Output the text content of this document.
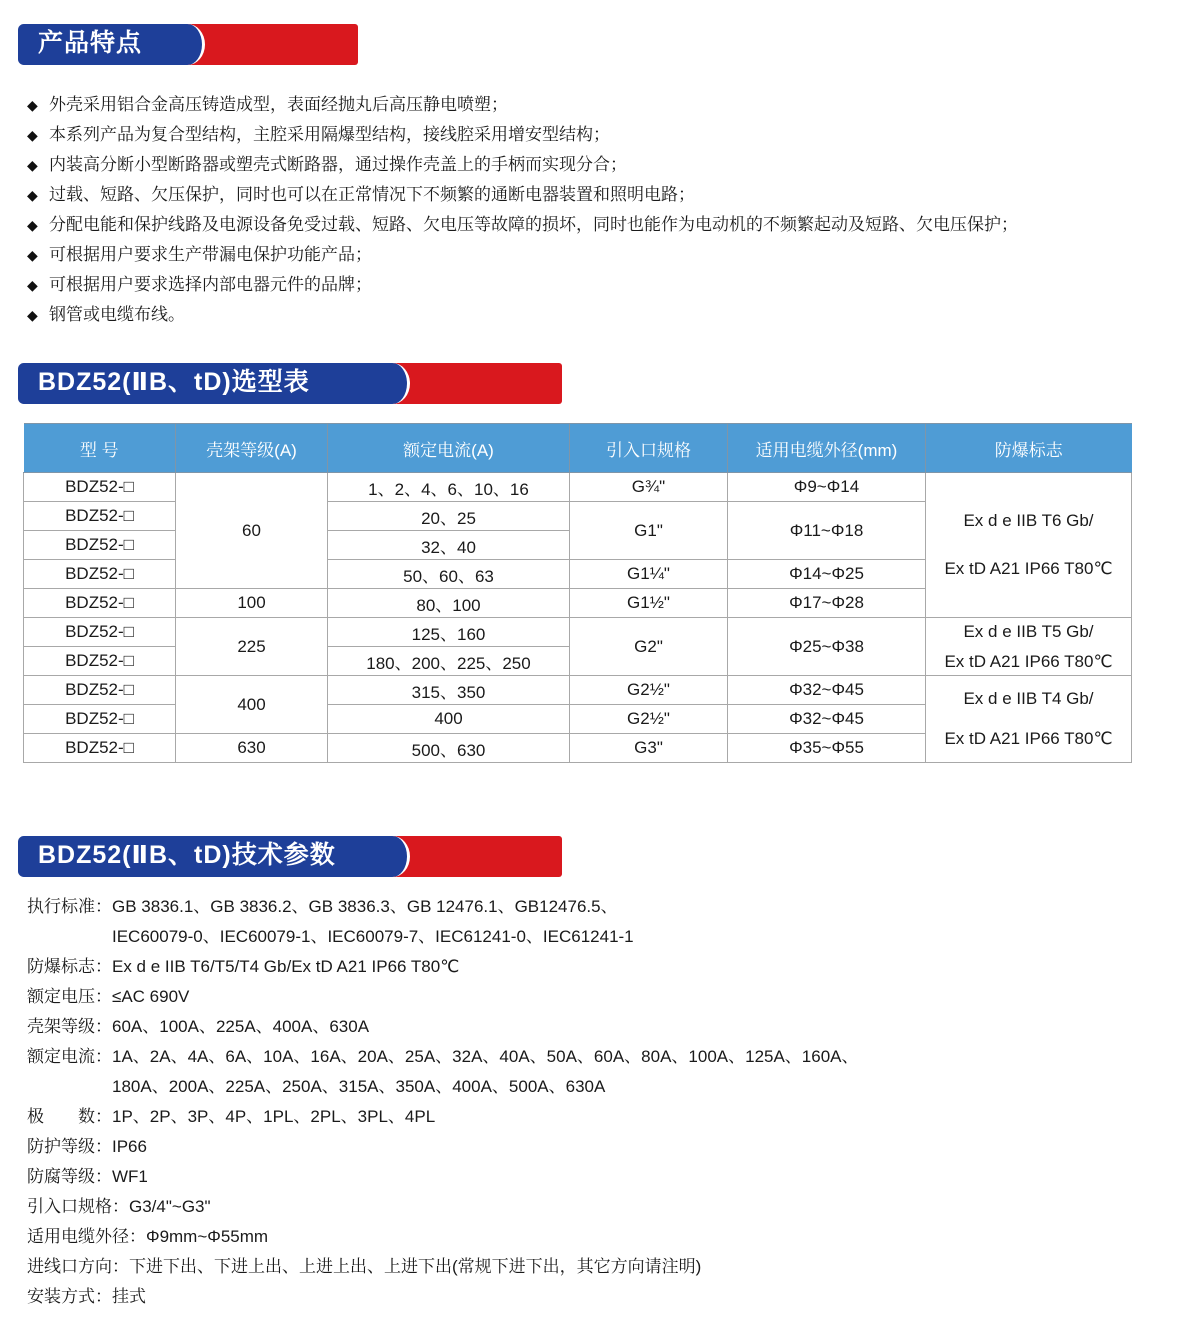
产品特点
◆ 外壳采用铝合金高压铸造成型，表面经抛丸后高压静电喷塑；
◆ 本系列产品为复合型结构，主腔采用隔爆型结构，接线腔采用增安型结构；
◆ 内装高分断小型断路器或塑壳式断路器，通过操作壳盖上的手柄而实现分合；
◆ 过载、短路、欠压保护，同时也可以在正常情况下不频繁的通断电器装置和照明电路；
◆ 分配电能和保护线路及电源设备免受过载、短路、欠电压等故障的损坏，同时也能作为电动机的不频繁起动及短路、欠电压保护；
◆ 可根据用户要求生产带漏电保护功能产品；
◆ 可根据用户要求选择内部电器元件的品牌；
◆ 钢管或电缆布线。
BDZ52(ⅡB、tD)选型表
型 号	壳架等级(A)	额定电流(A)	引入口规格	适用电缆外径(mm)	防爆标志
BDZ52-□	60	1、2、4、6、10、16	G¾"	Φ9~Φ14	Ex d e IIB T6 Gb/
Ex tD A21 IP66 T80℃

BDZ52-□		20、25	G1"	Φ11~Φ18	
BDZ52-□		32、40			
BDZ52-□		50、60、63	G1¼"	Φ14~Φ25	
BDZ52-□	100	80、100	G1½"	Φ17~Φ28	
BDZ52-□	225	125、160	G2"	Φ25~Φ38	Ex d e IIB T5 Gb/
Ex tD A21 IP66 T80℃

BDZ52-□		180、200、225、250			
BDZ52-□	400	315、350	G2½"	Φ32~Φ45	Ex d e IIB T4 Gb/
Ex tD A21 IP66 T80℃

BDZ52-□		400	G2½"	Φ32~Φ45	
BDZ52-□	630	500、630	G3"	Φ35~Φ55	
BDZ52(ⅡB、tD)技术参数
执行标准： GB 3836.1、GB 3836.2、GB 3836.3、GB 12476.1、GB12476.5、
IEC60079-0、IEC60079-1、IEC60079-7、IEC61241-0、IEC61241-1
防爆标志： Ex d e IIB T6/T5/T4 Gb/Ex tD A21 IP66 T80℃
额定电压： ≤AC 690V
壳架等级： 60A、100A、225A、400A、630A
额定电流： 1A、2A、4A、6A、10A、16A、20A、25A、32A、40A、50A、60A、80A、100A、125A、160A、
180A、200A、225A、250A、315A、350A、400A、500A、630A
极　　数： 1P、2P、3P、4P、1PL、2PL、3PL、4PL
防护等级： IP66
防腐等级： WF1
引入口规格： G3/4"~G3"
适用电缆外径： Φ9mm~Φ55mm
进线口方向： 下进下出、下进上出、上进上出、上进下出(常规下进下出，其它方向请注明)
安装方式： 挂式
